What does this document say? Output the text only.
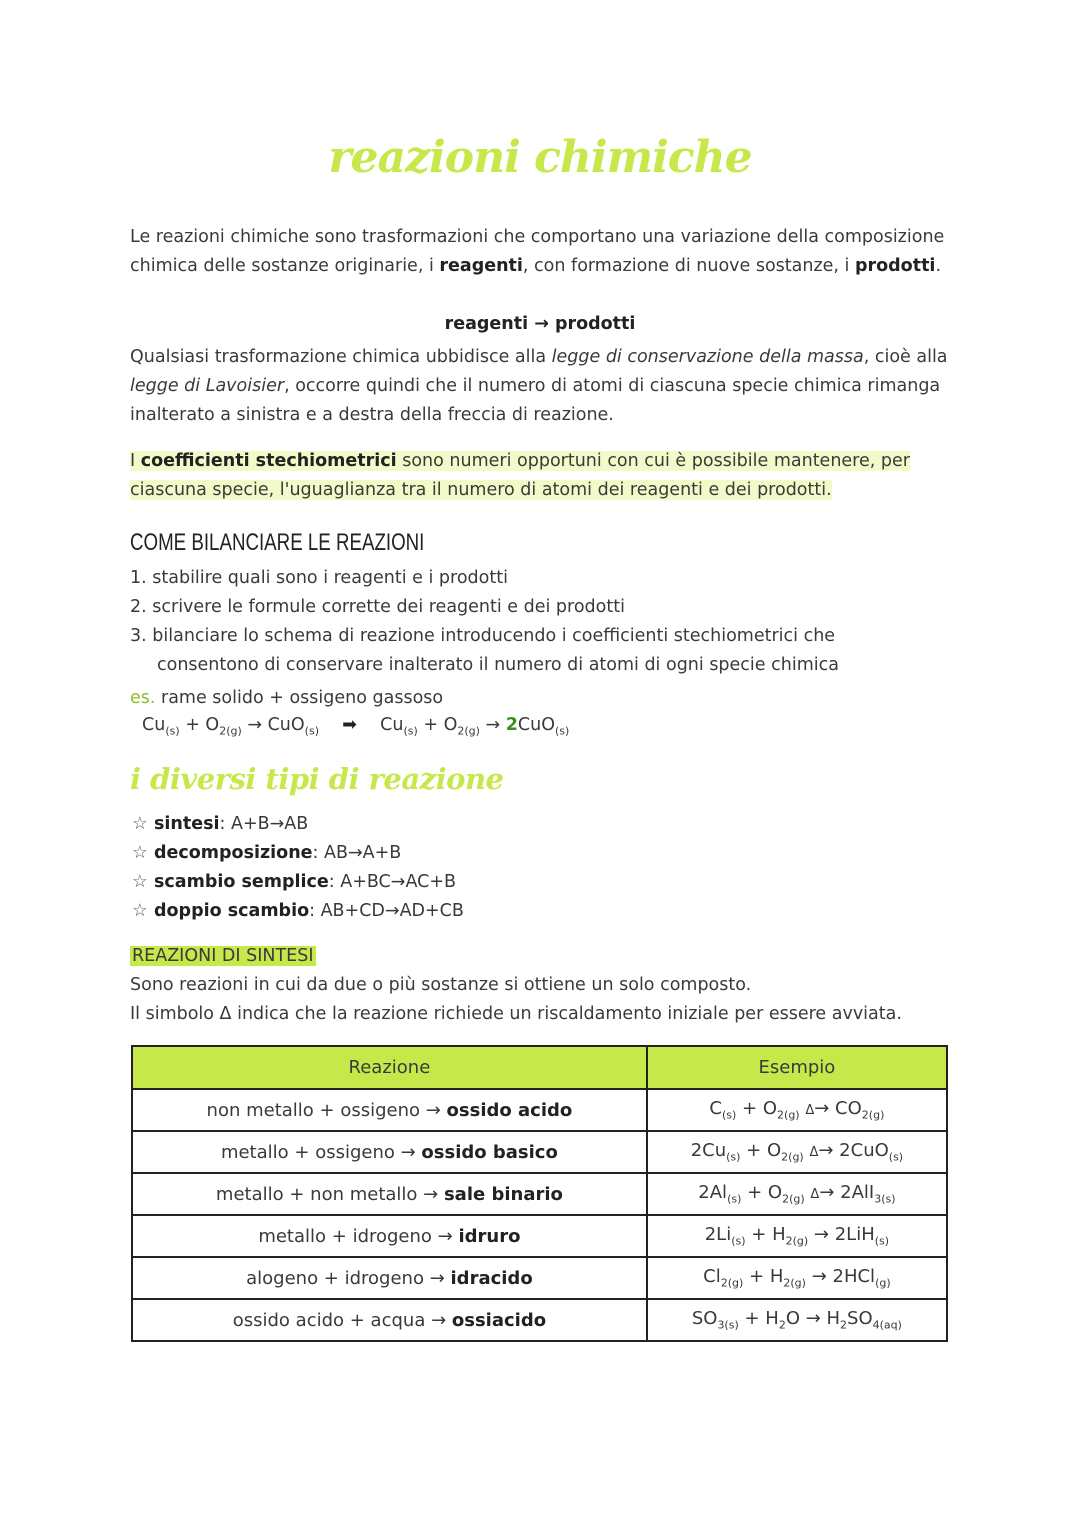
reazioni chimiche
Le reazioni chimiche sono trasformazioni che comportano una variazione della composizione chimica delle sostanze originarie, i reagenti, con formazione di nuove sostanze, i prodotti.
reagenti → prodotti
Qualsiasi trasformazione chimica ubbidisce alla legge di conservazione della massa, cioè alla legge di Lavoisier, occorre quindi che il numero di atomi di ciascuna specie chimica rimanga inalterato a sinistra e a destra della freccia di reazione.
I coefficienti stechiometrici sono numeri opportuni con cui è possibile mantenere, per ciascuna specie, l'uguaglianza tra il numero di atomi dei reagenti e dei prodotti.
COME BILANCIARE LE REAZIONI
1. stabilire quali sono i reagenti e i prodotti
2. scrivere le formule corrette dei reagenti e dei prodotti
3. bilanciare lo schema di reazione introducendo i coefficienti stechiometrici che
consentono di conservare inalterato il numero di atomi di ogni specie chimica
es. rame solido + ossigeno gassoso
$Cu_{(s)} + O_{2(g)} \to CuO_{(s)}$ ➡ $Cu_{(s)} + O_{2(g)} \to 2CuO_{(s)}$
i diversi tipi di reazione
☆ sintesi: A+B→AB
☆ decomposizione: AB→A+B
☆ scambio semplice: A+BC→AC+B
☆ doppio scambio: AB+CD→AD+CB
REAZIONI DI SINTESI
Sono reazioni in cui da due o più sostanze si ottiene un solo composto.
Il simbolo Δ indica che la reazione richiede un riscaldamento iniziale per essere avviata.
Reazione	Esempio
non metallo + ossigeno → ossido acido	$C_{(s)} + O_{2(g)}$ $\Delta\to CO_{2(g)}$
metallo + ossigeno → ossido basico	$2Cu_{(s)} + O_{2(g)}$ Δ→ 2CuO$_{(s)}$
metallo + non metallo → sale binario	$2Al_{(s)} + O_{2(g)}$ Δ→ 2AlI$_{3(s)}$
metallo + idrogeno → idruro	$2Li_{(s)} + H_{2(g)} \to 2LiH_{(s)}$
alogeno + idrogeno → idracido	$Cl_{2(g)} + H_{2(g)} \to 2HCl_{(g)}$
ossido acido + acqua → ossiacido	$SO_{3(s)} + H_2O \to H_2SO_{4(aq)}$
